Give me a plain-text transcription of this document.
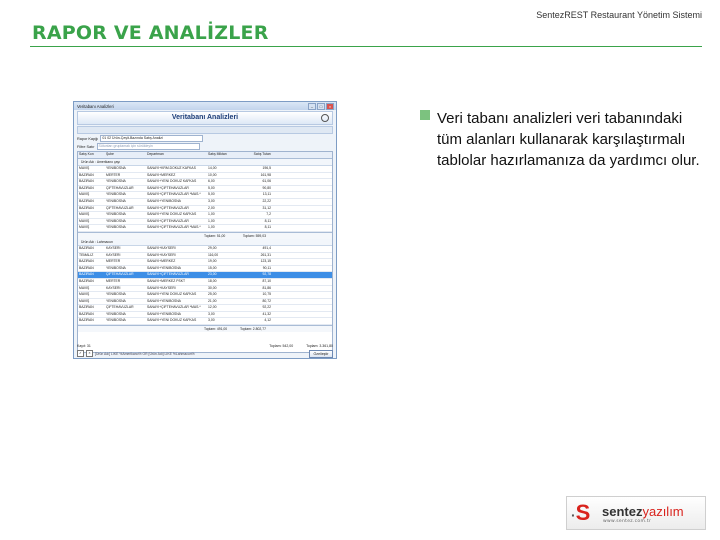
RAPOR VE ANALİZLER
SentezREST Restaurant Yönetim Sistemi
Veritabanı Analizleri	–	□	×
Veritabanı Analizleri
Rapor Kapğı	01 02 Ürün-Çeşit-Bazında Satış Analizi
Filtre Satır	Sütunları gruplamak için sürükleyin
Satış Kon	Şube	Departman	Satış Miktarı	Satış Tutarı
Ürün Adı : Amerikano çayı
MAVİŞ	YENİBOSNA	SANAYİ+KRM.DOKUZ KAFKAS	14,00	196,5
BAZIRAN	MERTER	SANAYİ+MERKEZ	10,00	161,98
BAZIRAN	YENİBOSNA	SANAYİ+YENİ DOKUZ KAFKAS	6,00	61,06
BAZIRAN	ÇİFTEHAVUZLAR	SANAYİ+ÇİFTEHAVUZLAR	5,00	90,80
MAVİŞ	YENİBOSNA	SANAYİ+ÇİFTEHAVUZLAR *MAS.*	5,00	13,11
BAZIRAN	YENİBOSNA	SANAYİ+YENİBOSNA	3,00	22,22
BAZIRAN	ÇİFTEHAVUZLAR	SANAYİ+ÇİFTEHAVUZLAR	2,00	31,12
MAVİŞ	YENİBOSNA	SANAYİ+YENİ DOKUZ KAFKAS	1,00	7,2
MAVİŞ	YENİBOSNA	SANAYİ+ÇİFTEHAVUZLAR	1,00	8,11
MAVİŞ	YENİBOSNA	SANAYİ+ÇİFTEHAVUZLAR *MAS.*	1,00	8,11
Toplam: 51,00	Toplam: 559,03
Ürün Adı : Lahmacun
BAZIRAN	KAYSERİ	SANAYİ+KAYSERİ	29,00	491,4
TEMALIZ	KAYSERİ	SANAYİ+KAYSERİ	116,00	261,31
BAZIRAN	MERTER	SANAYİ+MERKEZ	19,00	123,15
BAZIRAN	YENİBOSNA	SANAYİ+YENİBOSNA	15,00	90,11
BAZIRAN	ÇİFTEHAVUZLAR	SANAYİ+ÇİFTEHAVUZLAR	23,00	92,78
BAZIRAN	MERTER	SANAYİ+MERKEZ PSKT	18,00	87,10
MAVİŞ	KAYSERİ	SANAYİ+KAYSERİ	30,00	81,86
MAVİŞ	YENİBOSNA	SANAYİ+YENİ DOKUZ KAFKAS	25,00	10,75
MAVİŞ	YENİBOSNA	SANAYİ+YENİBOSNA	21,00	80,72
BAZIRAN	ÇİFTEHAVUZLAR	SANAYİ+ÇİFTEHAVUZLAR *MAS.*	12,00	92,22
BAZIRAN	YENİBOSNA	SANAYİ+YENİBOSNA	3,00	41,32
BAZIRAN	YENİBOSNA	SANAYİ+YENİ DOKUZ KAFKAS	3,00	4,12
Toplam: 491,00	Toplam: 2.802,77
Kayıt: 31	Toplam: 542,00	Toplam: 3.361,80
✓	×	[Ürün Adı] LIKE %Amerikano% OR [Ürün Adı] LIKE %Lahmacun%	Özelleştir
Veri tabanı analizleri veri tabanındaki tüm alanları kullanarak karşılaştırmalı tablolar hazırlamanıza da yardımcı olur.
·S sentezyazılım
www.sentez.com.tr
